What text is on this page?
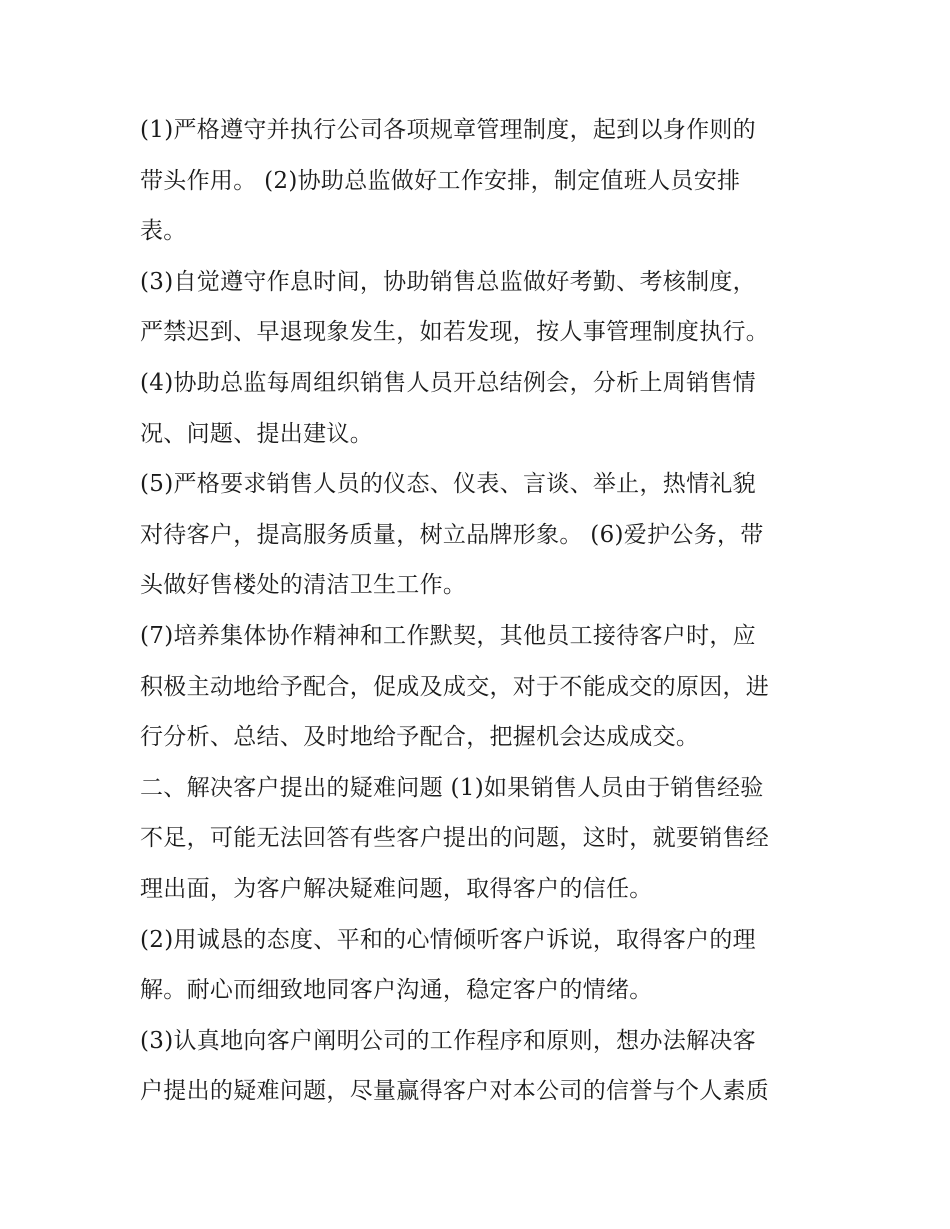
(1)严格遵守并执行公司各项规章管理制度，起到以身作则的

带头作用。 (2)协助总监做好工作安排，制定值班人员安排

表。

(3)自觉遵守作息时间，协助销售总监做好考勤、考核制度，

严禁迟到、早退现象发生，如若发现，按人事管理制度执行。

(4)协助总监每周组织销售人员开总结例会，分析上周销售情

况、问题、提出建议。

(5)严格要求销售人员的仪态、仪表、言谈、举止，热情礼貌

对待客户，提高服务质量，树立品牌形象。 (6)爱护公务，带

头做好售楼处的清洁卫生工作。

(7)培养集体协作精神和工作默契，其他员工接待客户时，应

积极主动地给予配合，促成及成交，对于不能成交的原因，进

行分析、总结、及时地给予配合，把握机会达成成交。

二、解决客户提出的疑难问题 (1)如果销售人员由于销售经验

不足，可能无法回答有些客户提出的问题，这时，就要销售经

理出面，为客户解决疑难问题，取得客户的信任。

(2)用诚恳的态度、平和的心情倾听客户诉说，取得客户的理

解。耐心而细致地同客户沟通，稳定客户的情绪。

(3)认真地向客户阐明公司的工作程序和原则，想办法解决客

户提出的疑难问题，尽量赢得客户对本公司的信誉与个人素质
